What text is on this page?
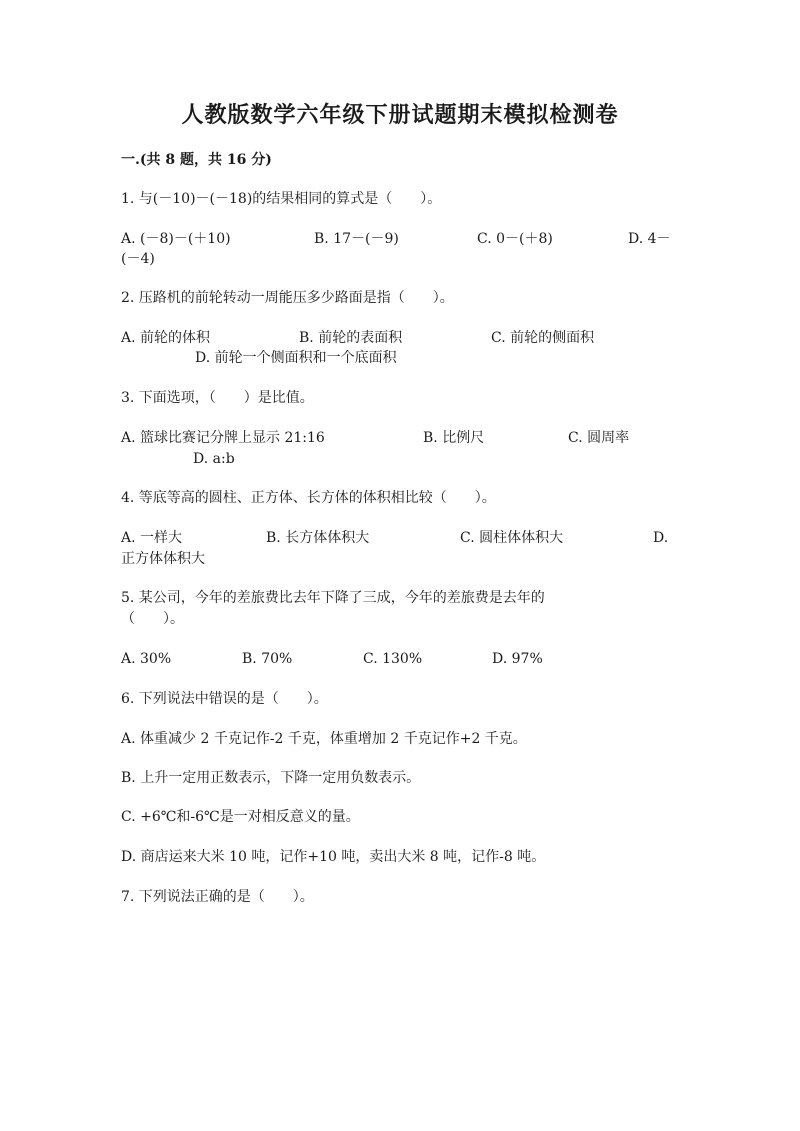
人教版数学六年级下册试题期末模拟检测卷
一.(共 8 题，共 16 分)
1. 与(－10)－(－18)的结果相同的算式是（　　）。
A. (－8)－(＋10)	B. 17－(－9)	C. 0－(＋8)	D. 4－
(－4)
2. 压路机的前轮转动一周能压多少路面是指（　　）。
A. 前轮的体积	B. 前轮的表面积	C. 前轮的侧面积
D. 前轮一个侧面积和一个底面积
3. 下面选项，（　　）是比值。
A. 篮球比赛记分牌上显示 21:16	B. 比例尺	C. 圆周率
D. a:b
4. 等底等高的圆柱、正方体、长方体的体积相比较（　　）。
A. 一样大	B. 长方体体积大	C. 圆柱体体积大	D.
正方体体积大
5. 某公司，今年的差旅费比去年下降了三成，今年的差旅费是去年的
（　　）。
A. 30%	B. 70%	C. 130%	D. 97%
6. 下列说法中错误的是（　　）。
A. 体重减少 2 千克记作-2 千克，体重增加 2 千克记作+2 千克。
B. 上升一定用正数表示，下降一定用负数表示。
C. +6℃和-6℃是一对相反意义的量。
D. 商店运来大米 10 吨，记作+10 吨，卖出大米 8 吨，记作-8 吨。
7. 下列说法正确的是（　　）。
